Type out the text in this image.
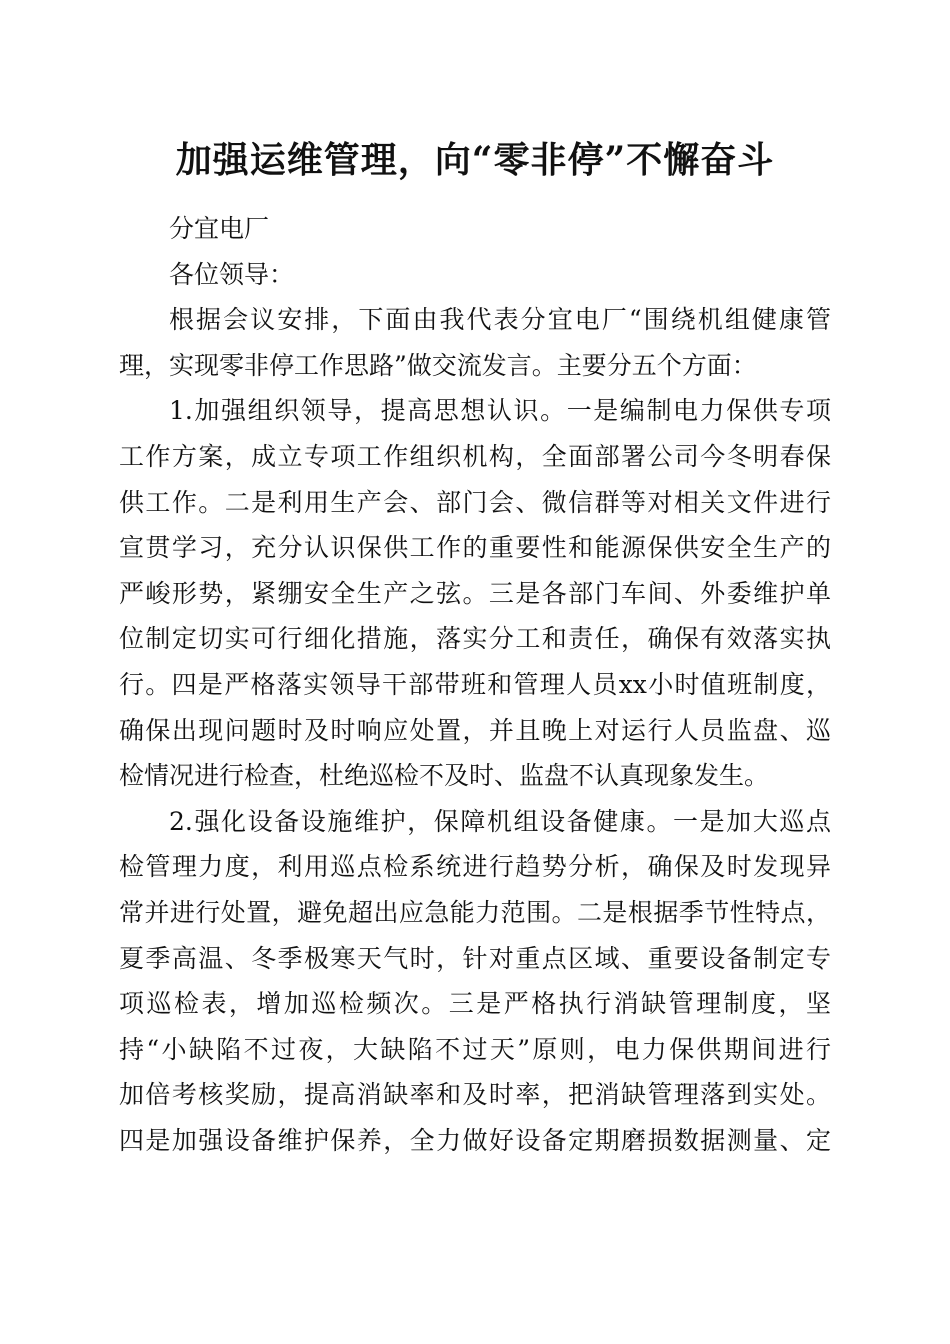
加强运维管理，向“零非停”不懈奋斗

分宜电厂

各位领导：

根据会议安排，下面由我代表分宜电厂“围绕机组健康管
理，实现零非停工作思路”做交流发言。主要分五个方面：

1.加强组织领导，提高思想认识。一是编制电力保供专项
工作方案，成立专项工作组织机构，全面部署公司今冬明春保
供工作。二是利用生产会、部门会、微信群等对相关文件进行
宣贯学习，充分认识保供工作的重要性和能源保供安全生产的
严峻形势，紧绷安全生产之弦。三是各部门车间、外委维护单
位制定切实可行细化措施，落实分工和责任，确保有效落实执
行。四是严格落实领导干部带班和管理人员xx小时值班制度，
确保出现问题时及时响应处置，并且晚上对运行人员监盘、巡
检情况进行检查，杜绝巡检不及时、监盘不认真现象发生。

2.强化设备设施维护，保障机组设备健康。一是加大巡点
检管理力度，利用巡点检系统进行趋势分析，确保及时发现异
常并进行处置，避免超出应急能力范围。二是根据季节性特点，
夏季高温、冬季极寒天气时，针对重点区域、重要设备制定专
项巡检表，增加巡检频次。三是严格执行消缺管理制度，坚
持“小缺陷不过夜，大缺陷不过天”原则，电力保供期间进行
加倍考核奖励，提高消缺率和及时率，把消缺管理落到实处。
四是加强设备维护保养，全力做好设备定期磨损数据测量、定
